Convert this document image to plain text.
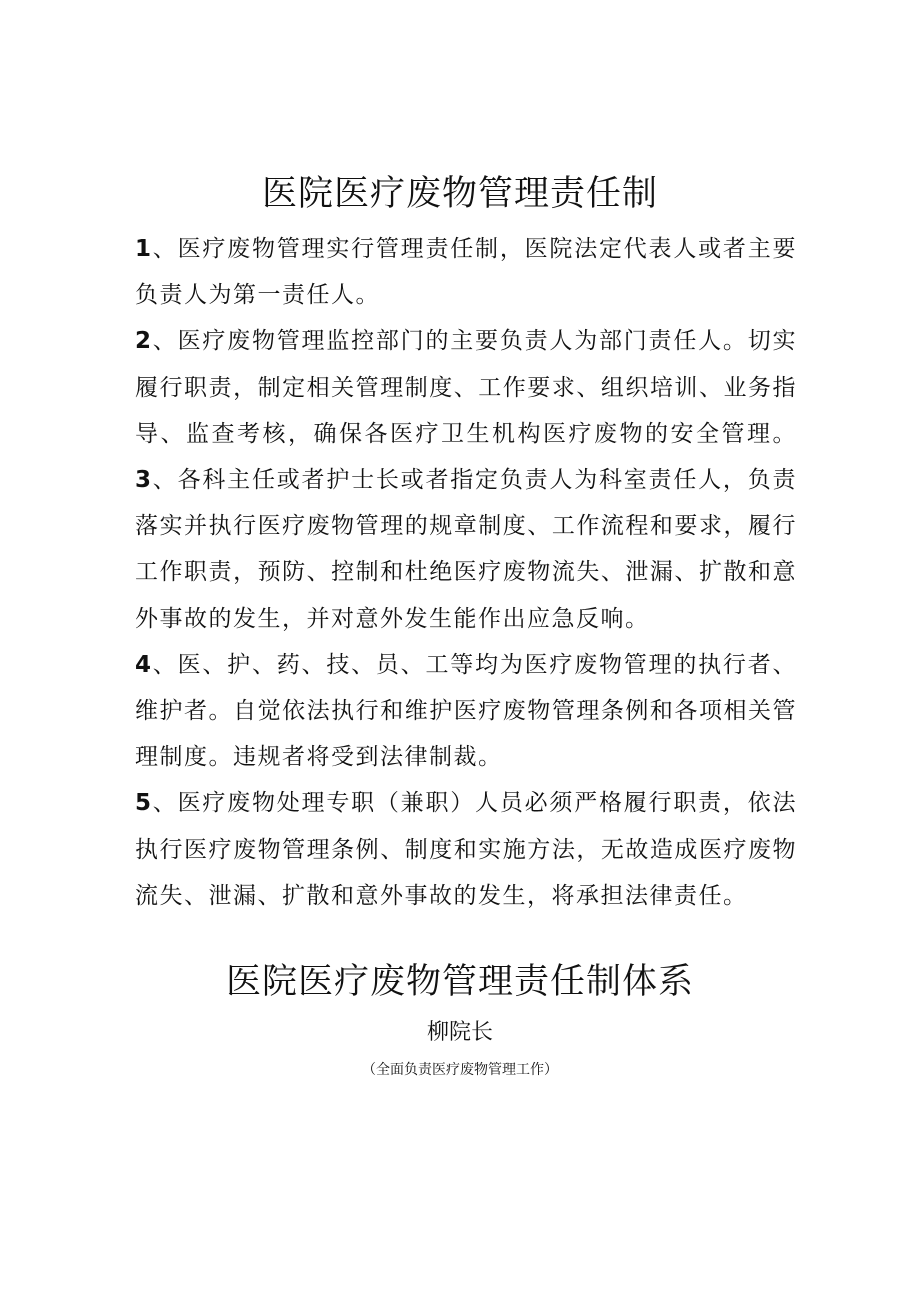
医院医疗废物管理责任制

1、医疗废物管理实行管理责任制，医院法定代表人或者主要负责人为第一责任人。

2、医疗废物管理监控部门的主要负责人为部门责任人。切实履行职责，制定相关管理制度、工作要求、组织培训、业务指导、监查考核，确保各医疗卫生机构医疗废物的安全管理。3、各科主任或者护士长或者指定负责人为科室责任人，负责落实并执行医疗废物管理的规章制度、工作流程和要求，履行工作职责，预防、控制和杜绝医疗废物流失、泄漏、扩散和意外事故的发生，并对意外发生能作出应急反响。

4、医、护、药、技、员、工等均为医疗废物管理的执行者、维护者。自觉依法执行和维护医疗废物管理条例和各项相关管理制度。违规者将受到法律制裁。

5、医疗废物处理专职（兼职）人员必须严格履行职责，依法执行医疗废物管理条例、制度和实施方法，无故造成医疗废物流失、泄漏、扩散和意外事故的发生，将承担法律责任。

医院医疗废物管理责任制体系

柳院长

（全面负责医疗废物管理工作）
